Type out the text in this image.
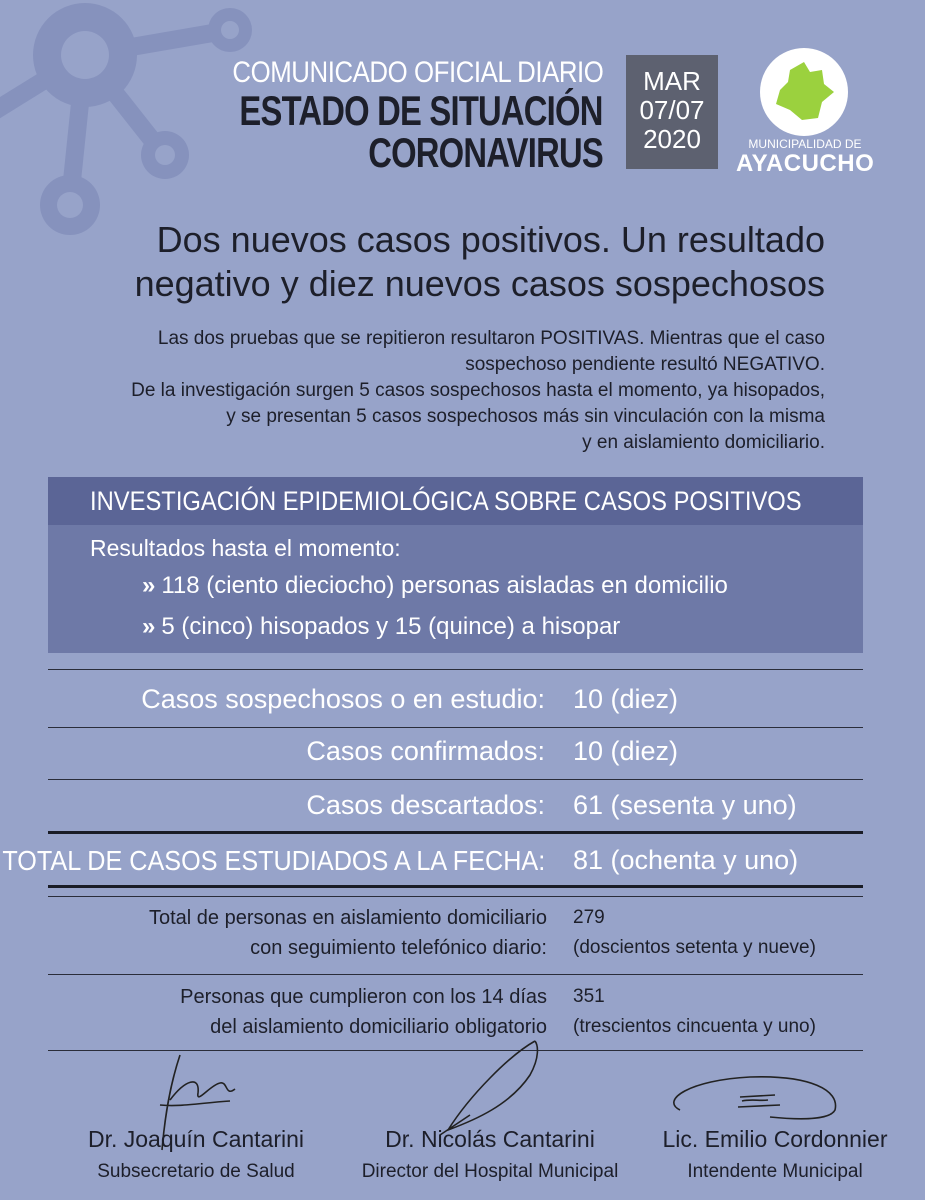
COMUNICADO OFICIAL DIARIO
ESTADO DE SITUACIÓN
CORONAVIRUS
MAR
07/07
2020	MUNICIPALIDAD DE
AYACUCHO
Dos nuevos casos positivos. Un resultado
negativo y diez nuevos casos sospechosos
Las dos pruebas que se repitieron resultaron POSITIVAS. Mientras que el caso
sospechoso pendiente resultó NEGATIVO.
De la investigación surgen 5 casos sospechosos hasta el momento, ya hisopados,
y se presentan 5 casos sospechosos más sin vinculación con la misma
y en aislamiento domiciliario.
INVESTIGACIÓN EPIDEMIOLÓGICA SOBRE CASOS POSITIVOS
Resultados hasta el momento:
» 118 (ciento dieciocho) personas aisladas en domicilio
» 5 (cinco) hisopados y 15 (quince) a hisopar
Casos sospechosos o en estudio: 10 (diez)
Casos confirmados: 10 (diez)
Casos descartados: 61 (sesenta y uno)
TOTAL DE CASOS ESTUDIADOS A LA FECHA: 81 (ochenta y uno)
Total de personas en aislamiento domiciliario
con seguimiento telefónico diario:
279
(doscientos setenta y nueve)
Personas que cumplieron con los 14 días
del aislamiento domiciliario obligatorio
351
(trescientos cincuenta y uno)
Dr. Joaquín Cantarini
Subsecretario de Salud
Dr. Nicolás Cantarini
Director del Hospital Municipal
Lic. Emilio Cordonnier
Intendente Municipal
